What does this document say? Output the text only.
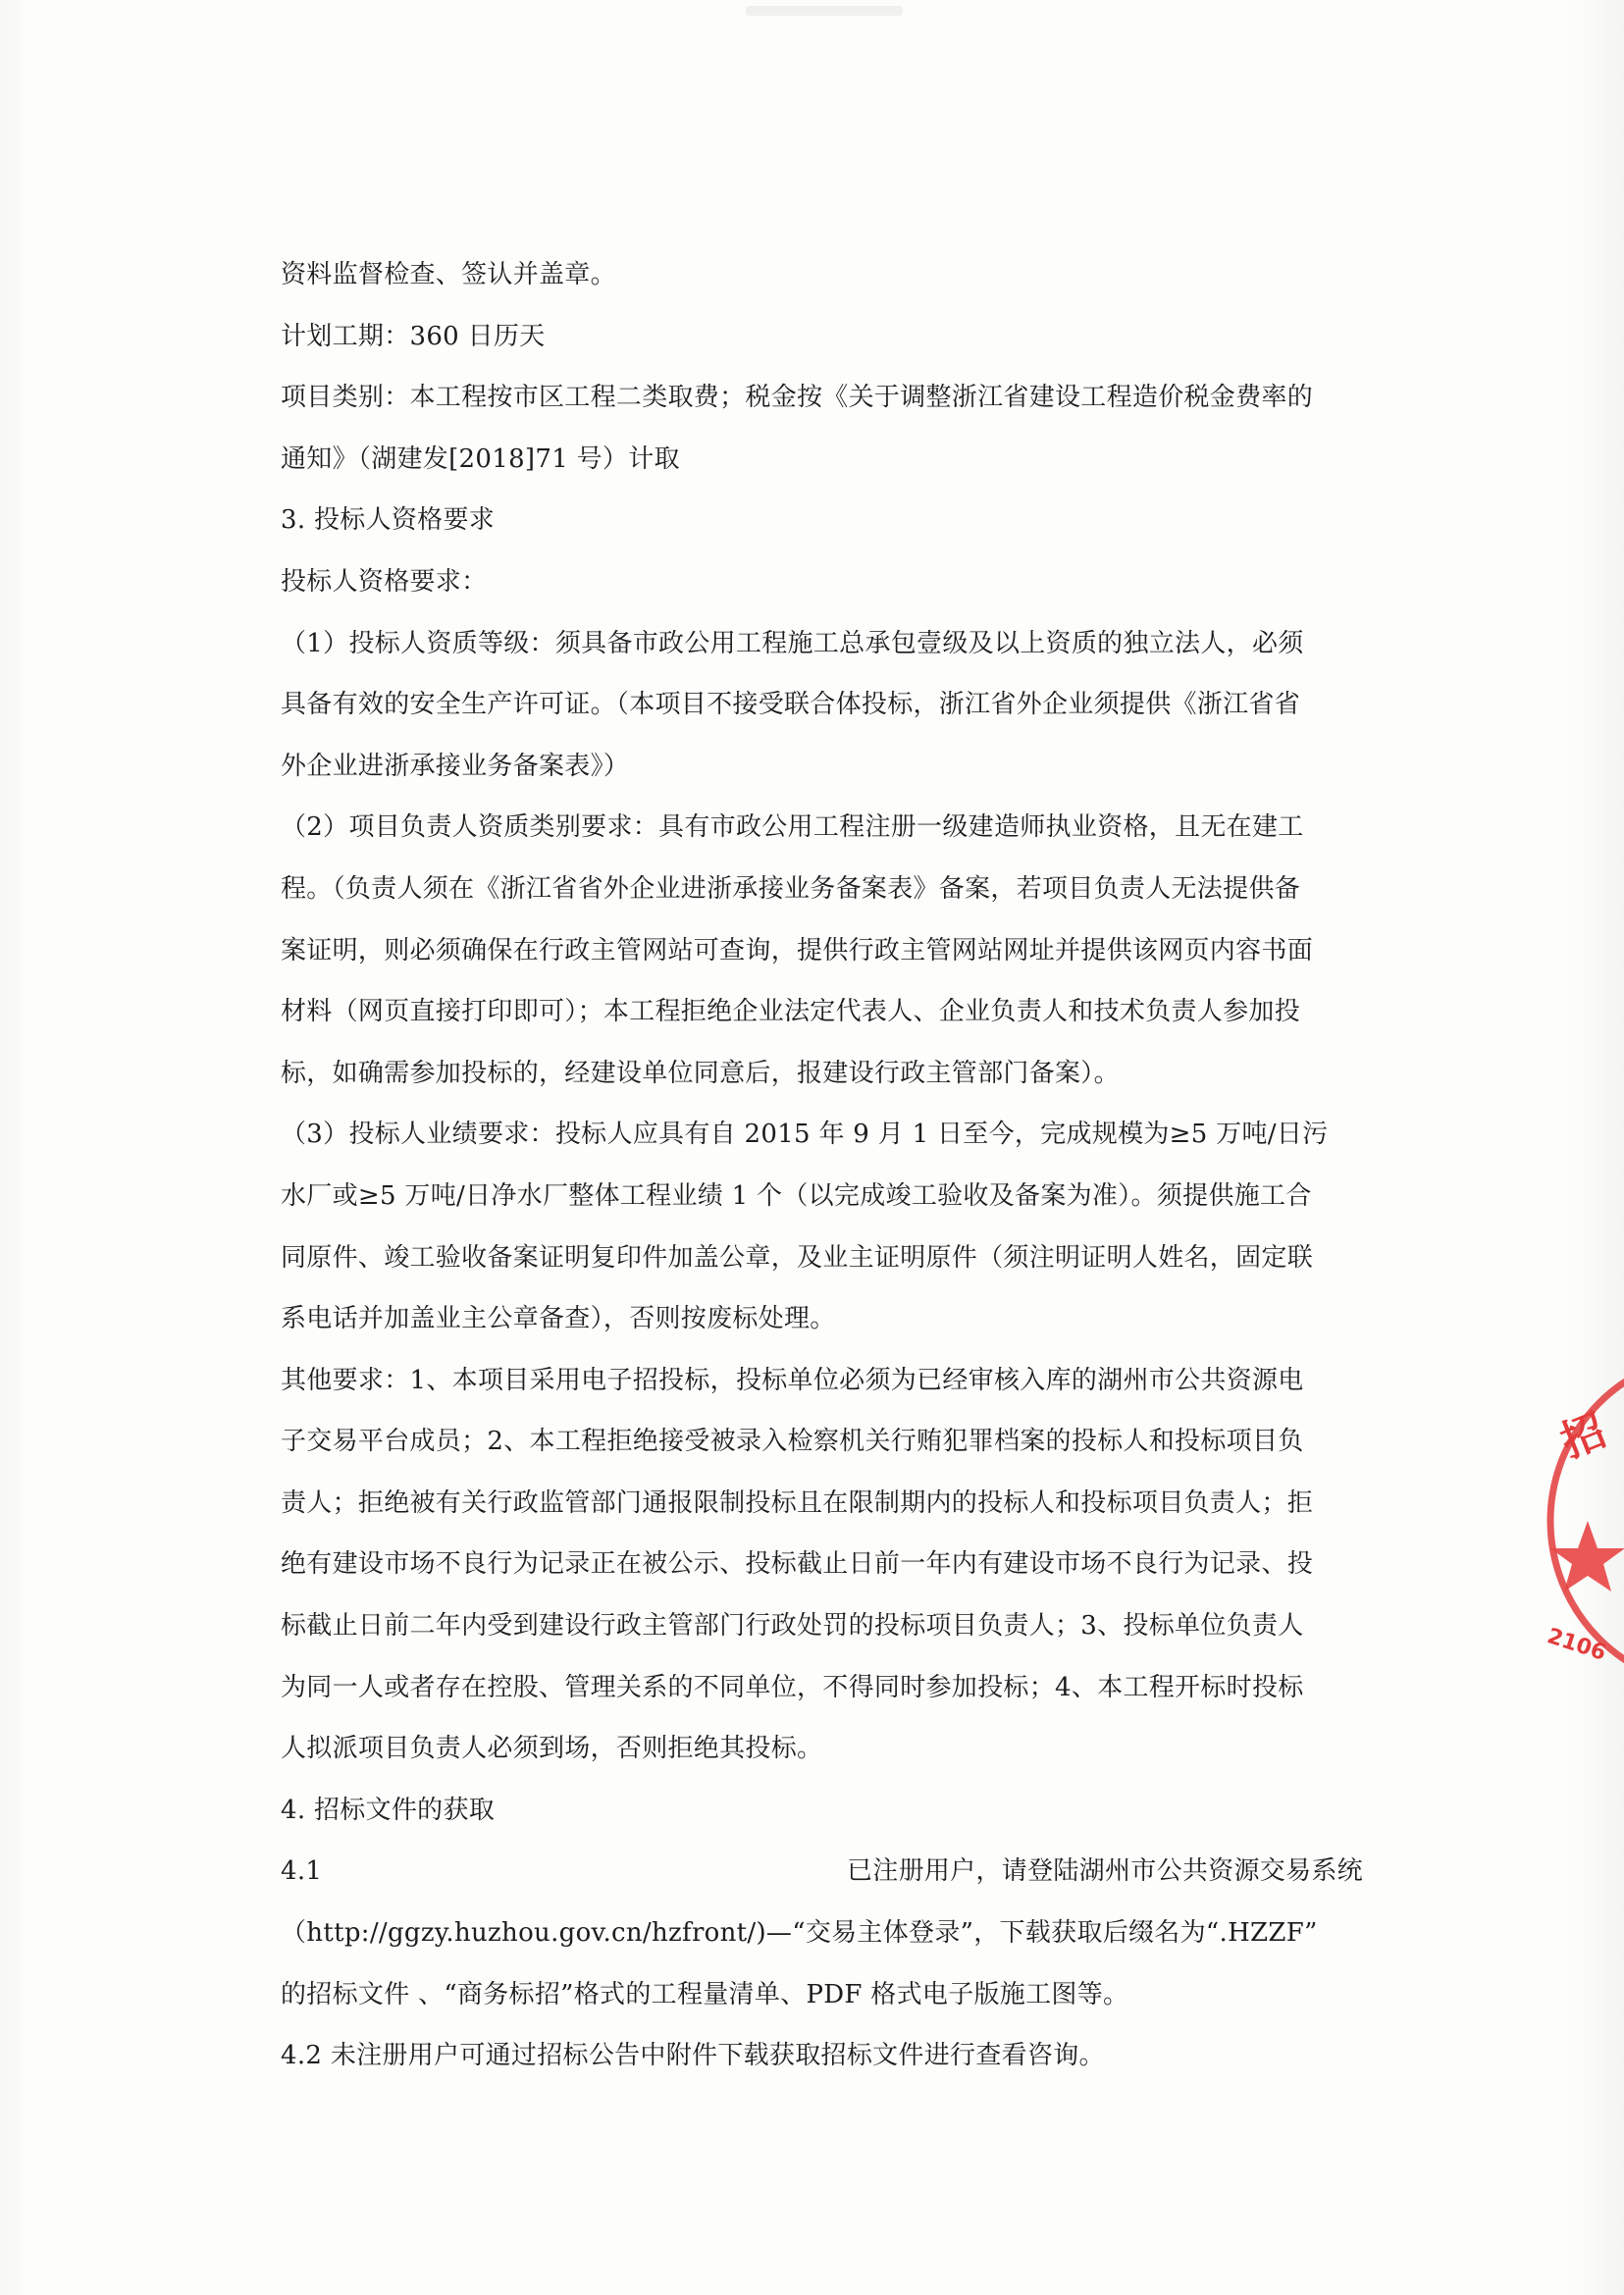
资料监督检查、签认并盖章。
计划工期：360 日历天
项目类别：本工程按市区工程二类取费；税金按《关于调整浙江省建设工程造价税金费率的
通知》（湖建发[2018]71 号）计取
3. 投标人资格要求
投标人资格要求：
（1）投标人资质等级：须具备市政公用工程施工总承包壹级及以上资质的独立法人，必须
具备有效的安全生产许可证。（本项目不接受联合体投标，浙江省外企业须提供《浙江省省
外企业进浙承接业务备案表》）
（2）项目负责人资质类别要求：具有市政公用工程注册一级建造师执业资格，且无在建工
程。（负责人须在《浙江省省外企业进浙承接业务备案表》备案，若项目负责人无法提供备
案证明，则必须确保在行政主管网站可查询，提供行政主管网站网址并提供该网页内容书面
材料（网页直接打印即可）；本工程拒绝企业法定代表人、企业负责人和技术负责人参加投
标，如确需参加投标的，经建设单位同意后，报建设行政主管部门备案）。
（3）投标人业绩要求：投标人应具有自 2015 年 9 月 1 日至今，完成规模为≥5 万吨/日污
水厂或≥5 万吨/日净水厂整体工程业绩 1 个（以完成竣工验收及备案为准）。须提供施工合
同原件、竣工验收备案证明复印件加盖公章，及业主证明原件（须注明证明人姓名，固定联
系电话并加盖业主公章备查），否则按废标处理。
其他要求：1、本项目采用电子招投标，投标单位必须为已经审核入库的湖州市公共资源电
子交易平台成员；2、本工程拒绝接受被录入检察机关行贿犯罪档案的投标人和投标项目负
责人；拒绝被有关行政监管部门通报限制投标且在限制期内的投标人和投标项目负责人；拒
绝有建设市场不良行为记录正在被公示、投标截止日前一年内有建设市场不良行为记录、投
标截止日前二年内受到建设行政主管部门行政处罚的投标项目负责人；3、投标单位负责人
为同一人或者存在控股、管理关系的不同单位，不得同时参加投标；4、本工程开标时投标
人拟派项目负责人必须到场，否则拒绝其投标。
4. 招标文件的获取
4.1	已注册用户，请登陆湖州市公共资源交易系统
（http://ggzy.huzhou.gov.cn/hzfront/)—“交易主体登录”，下载获取后缀名为“.HZZF”
的招标文件 、“商务标招”格式的工程量清单、PDF 格式电子版施工图等。
4.2 未注册用户可通过招标公告中附件下载获取招标文件进行查看咨询。
招
2106
